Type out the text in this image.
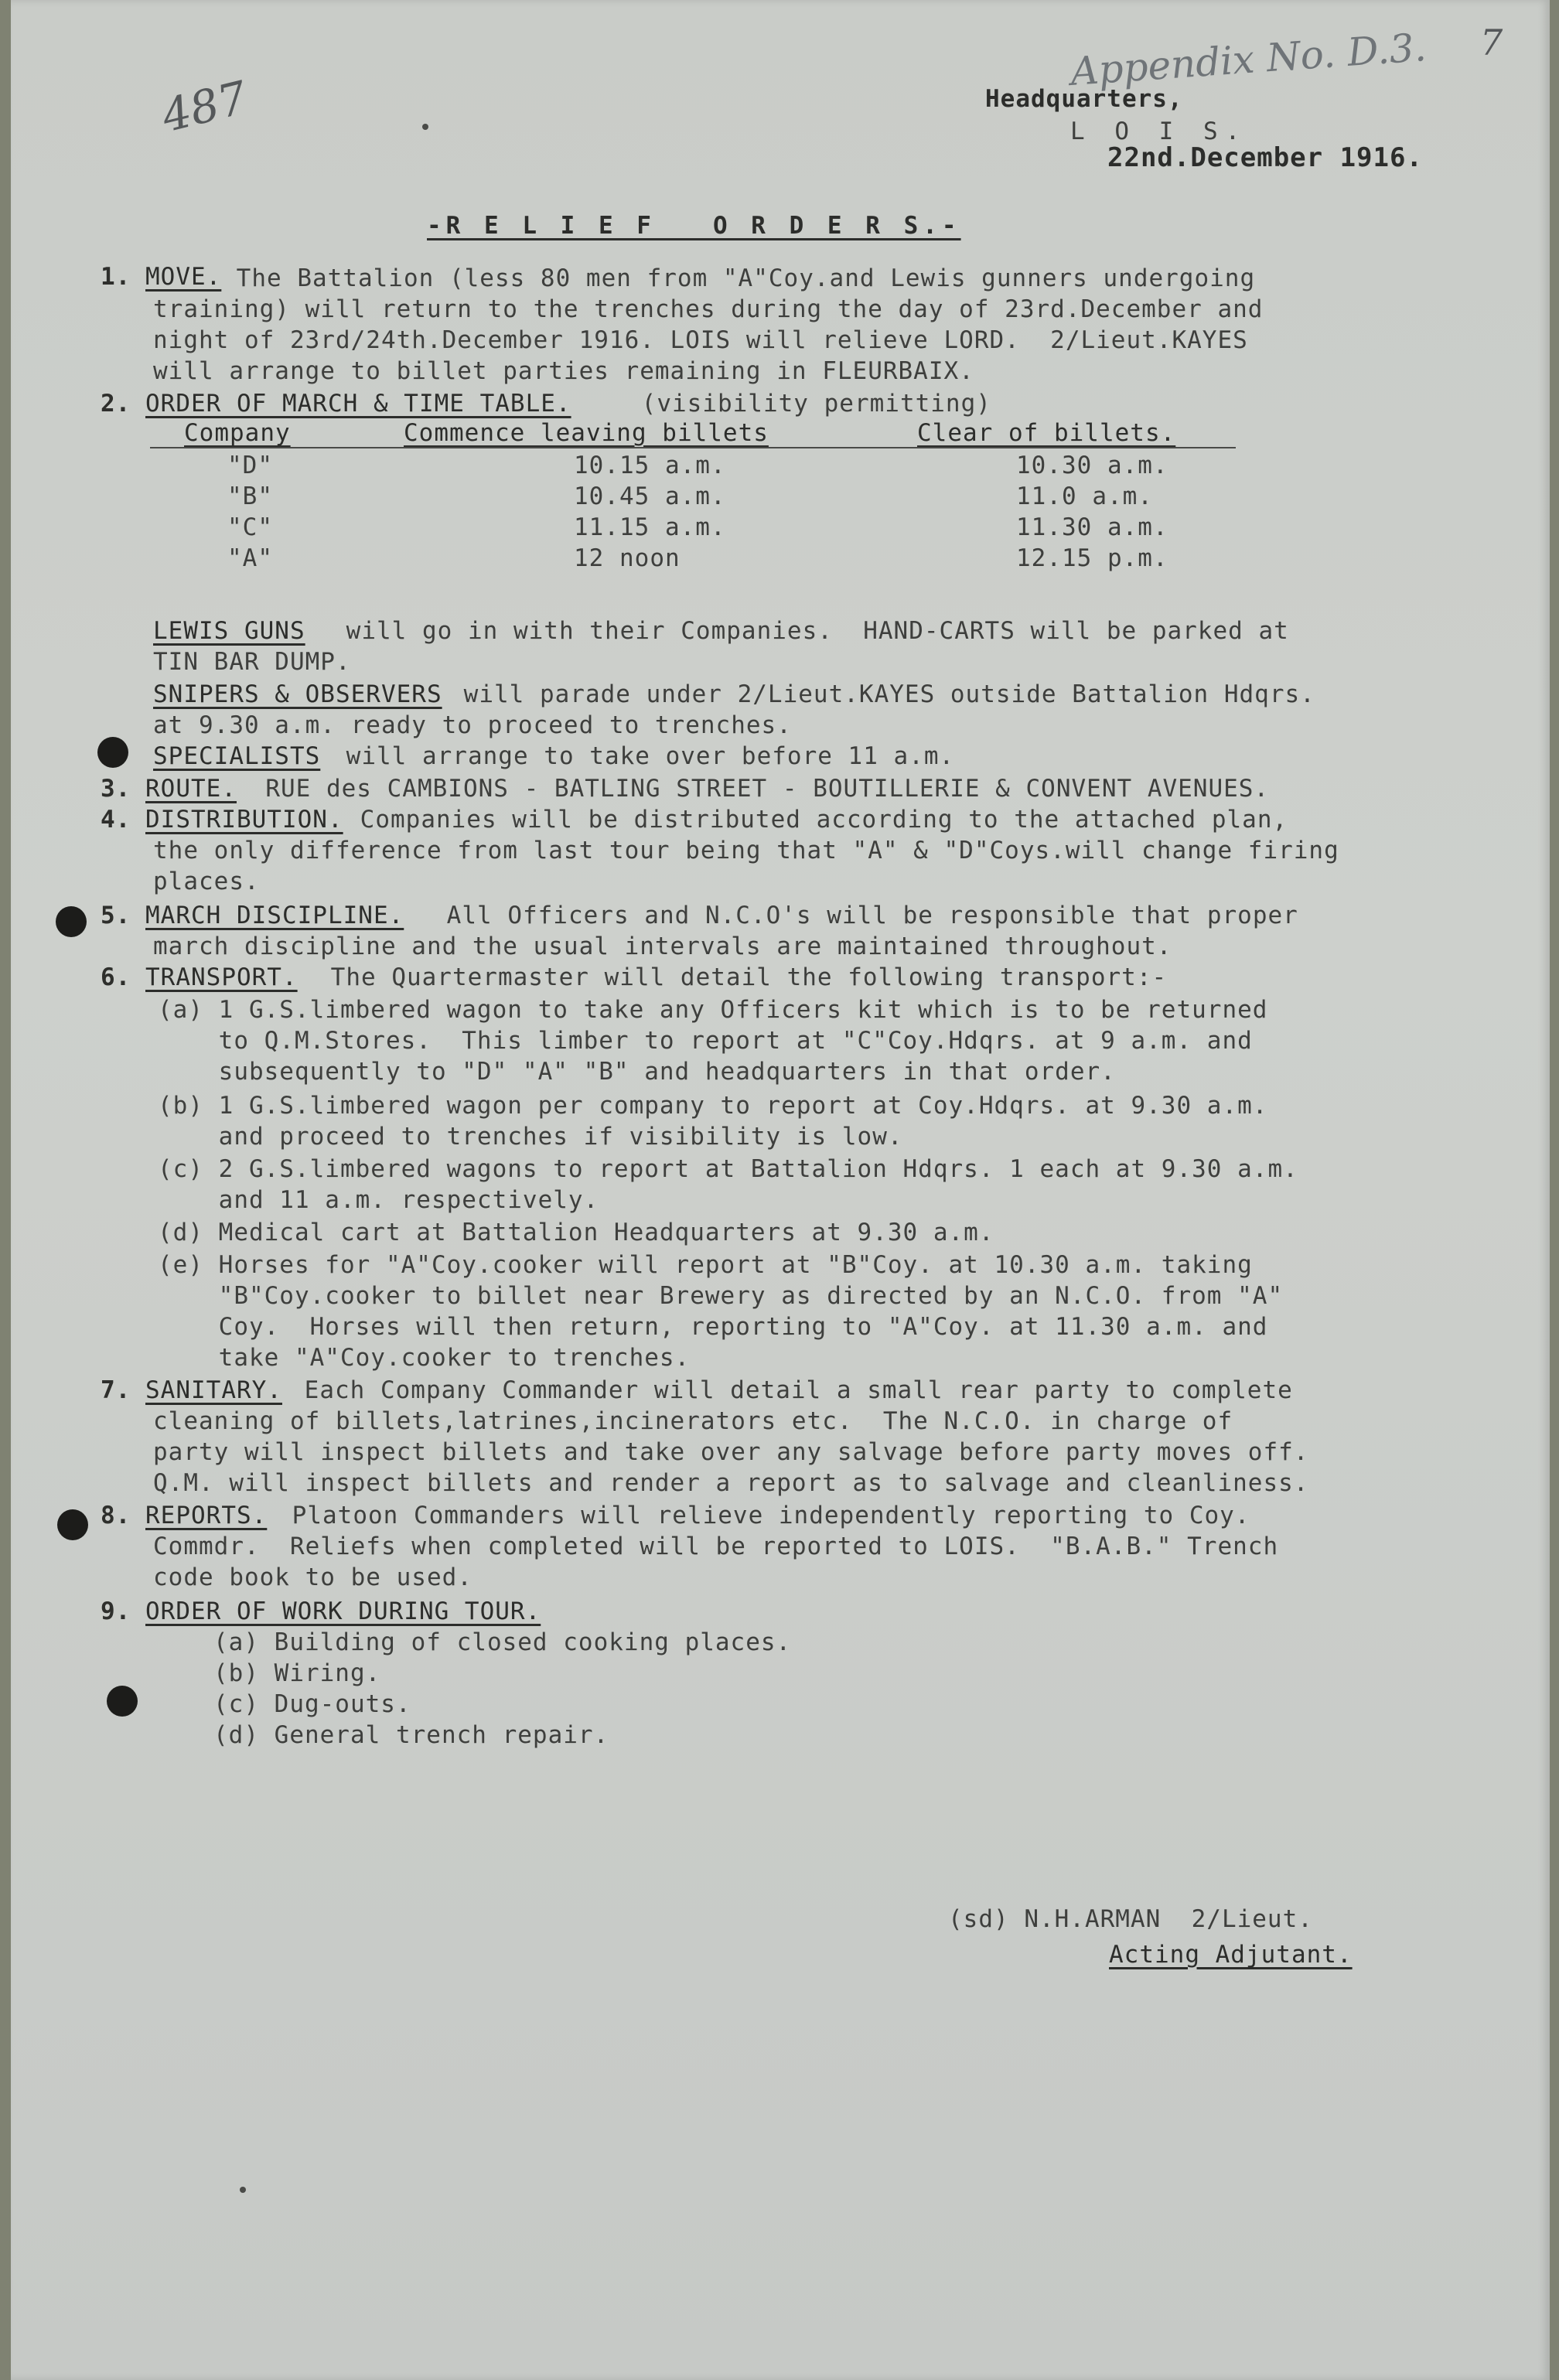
487
7
Appendix No. D.3.
Headquarters,
L O I S.
22nd.December 1916.
-R E L I E F   O R D E R S.-
1. MOVE. The Battalion (less 80 men from "A"Coy.and Lewis gunners undergoing
training) will return to the trenches during the day of 23rd.December and
night of 23rd/24th.December 1916. LOIS will relieve LORD.  2/Lieut.KAYES
will arrange to billet parties remaining in FLEURBAIX.
2. ORDER OF MARCH & TIME TABLE. (visibility permitting)
Company	Commence leaving billets	Clear of billets.
"D"	10.15 a.m.	10.30 a.m.
"B"	10.45 a.m.	11.0 a.m.
"C"	11.15 a.m.	11.30 a.m.
"A"	12 noon	12.15 p.m.
LEWIS GUNS will go in with their Companies.  HAND-CARTS will be parked at
TIN BAR DUMP.
SNIPERS & OBSERVERS will parade under 2/Lieut.KAYES outside Battalion Hdqrs.
at 9.30 a.m. ready to proceed to trenches.
SPECIALISTS will arrange to take over before 11 a.m.
3. ROUTE.
RUE des CAMBIONS - BATLING STREET - BOUTILLERIE & CONVENT AVENUES.
4. DISTRIBUTION. Companies will be distributed according to the attached plan,
the only difference from last tour being that "A" & "D"Coys.will change firing
places.
5. MARCH DISCIPLINE. All Officers and N.C.O's will be responsible that proper
march discipline and the usual intervals are maintained throughout.
6. TRANSPORT. The Quartermaster will detail the following transport:-
(a) 1 G.S.limbered wagon to take any Officers kit which is to be returned
to Q.M.Stores.  This limber to report at "C"Coy.Hdqrs. at 9 a.m. and
subsequently to "D" "A" "B" and headquarters in that order.
(b) 1 G.S.limbered wagon per company to report at Coy.Hdqrs. at 9.30 a.m.
and proceed to trenches if visibility is low.
(c) 2 G.S.limbered wagons to report at Battalion Hdqrs. 1 each at 9.30 a.m.
and 11 a.m. respectively.
(d) Medical cart at Battalion Headquarters at 9.30 a.m.
(e) Horses for "A"Coy.cooker will report at "B"Coy. at 10.30 a.m. taking
"B"Coy.cooker to billet near Brewery as directed by an N.C.O. from "A"
Coy.  Horses will then return, reporting to "A"Coy. at 11.30 a.m. and
take "A"Coy.cooker to trenches.
7. SANITARY. Each Company Commander will detail a small rear party to complete
cleaning of billets,latrines,incinerators etc.  The N.C.O. in charge of
party will inspect billets and take over any salvage before party moves off.
Q.M. will inspect billets and render a report as to salvage and cleanliness.
8. REPORTS. Platoon Commanders will relieve independently reporting to Coy.
Commdr.  Reliefs when completed will be reported to LOIS.  "B.A.B." Trench
code book to be used.
9. ORDER OF WORK DURING TOUR.
(a) Building of closed cooking places.
(b) Wiring.
(c) Dug-outs.
(d) General trench repair.
(sd) N.H.ARMAN  2/Lieut.
Acting Adjutant.
